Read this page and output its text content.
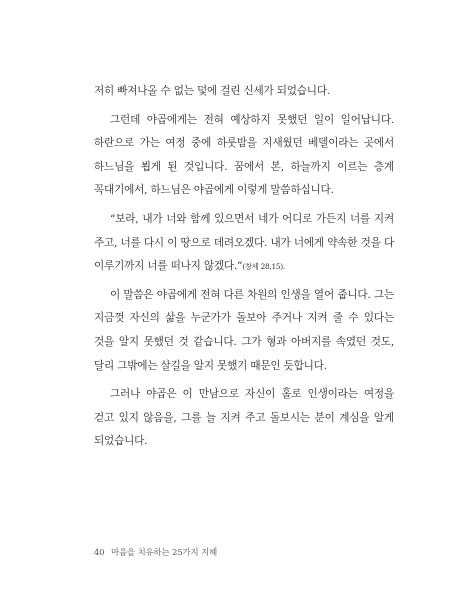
저히 빠져나올 수 없는 덫에 걸린 신세가 되었습니다.

그런데 야곱에게는 전혀 예상하지 못했던 일이 일어납니다. 하란으로 가는 여정 중에 하룻밤을 지새웠던 베델이라는 곳에서 하느님을 뵙게 된 것입니다. 꿈에서 본, 하늘까지 이르는 층계 꼭대기에서, 하느님은 야곱에게 이렇게 말씀하십니다.

“보라, 내가 너와 함께 있으면서 네가 어디로 가든지 너를 지켜 주고, 너를 다시 이 땅으로 데려오겠다. 내가 너에게 약속한 것을 다 이루기까지 너를 떠나지 않겠다.”(창세 28,15).

이 말씀은 야곱에게 전혀 다른 차원의 인생을 열어 줍니다. 그는 지금껏 자신의 삶을 누군가가 돌보아 주거나 지켜 줄 수 있다는 것을 알지 못했던 것 같습니다. 그가 형과 아버지를 속였던 것도, 달리 그밖에는 살길을 알지 못했기 때문인 듯합니다.

그러나 야곱은 이 만남으로 자신이 홀로 인생이라는 여정을 걷고 있지 않음을, 그를 늘 지켜 주고 돌보시는 분이 계심을 알게 되었습니다.

40 마음을 치유하는 25가지 지혜
